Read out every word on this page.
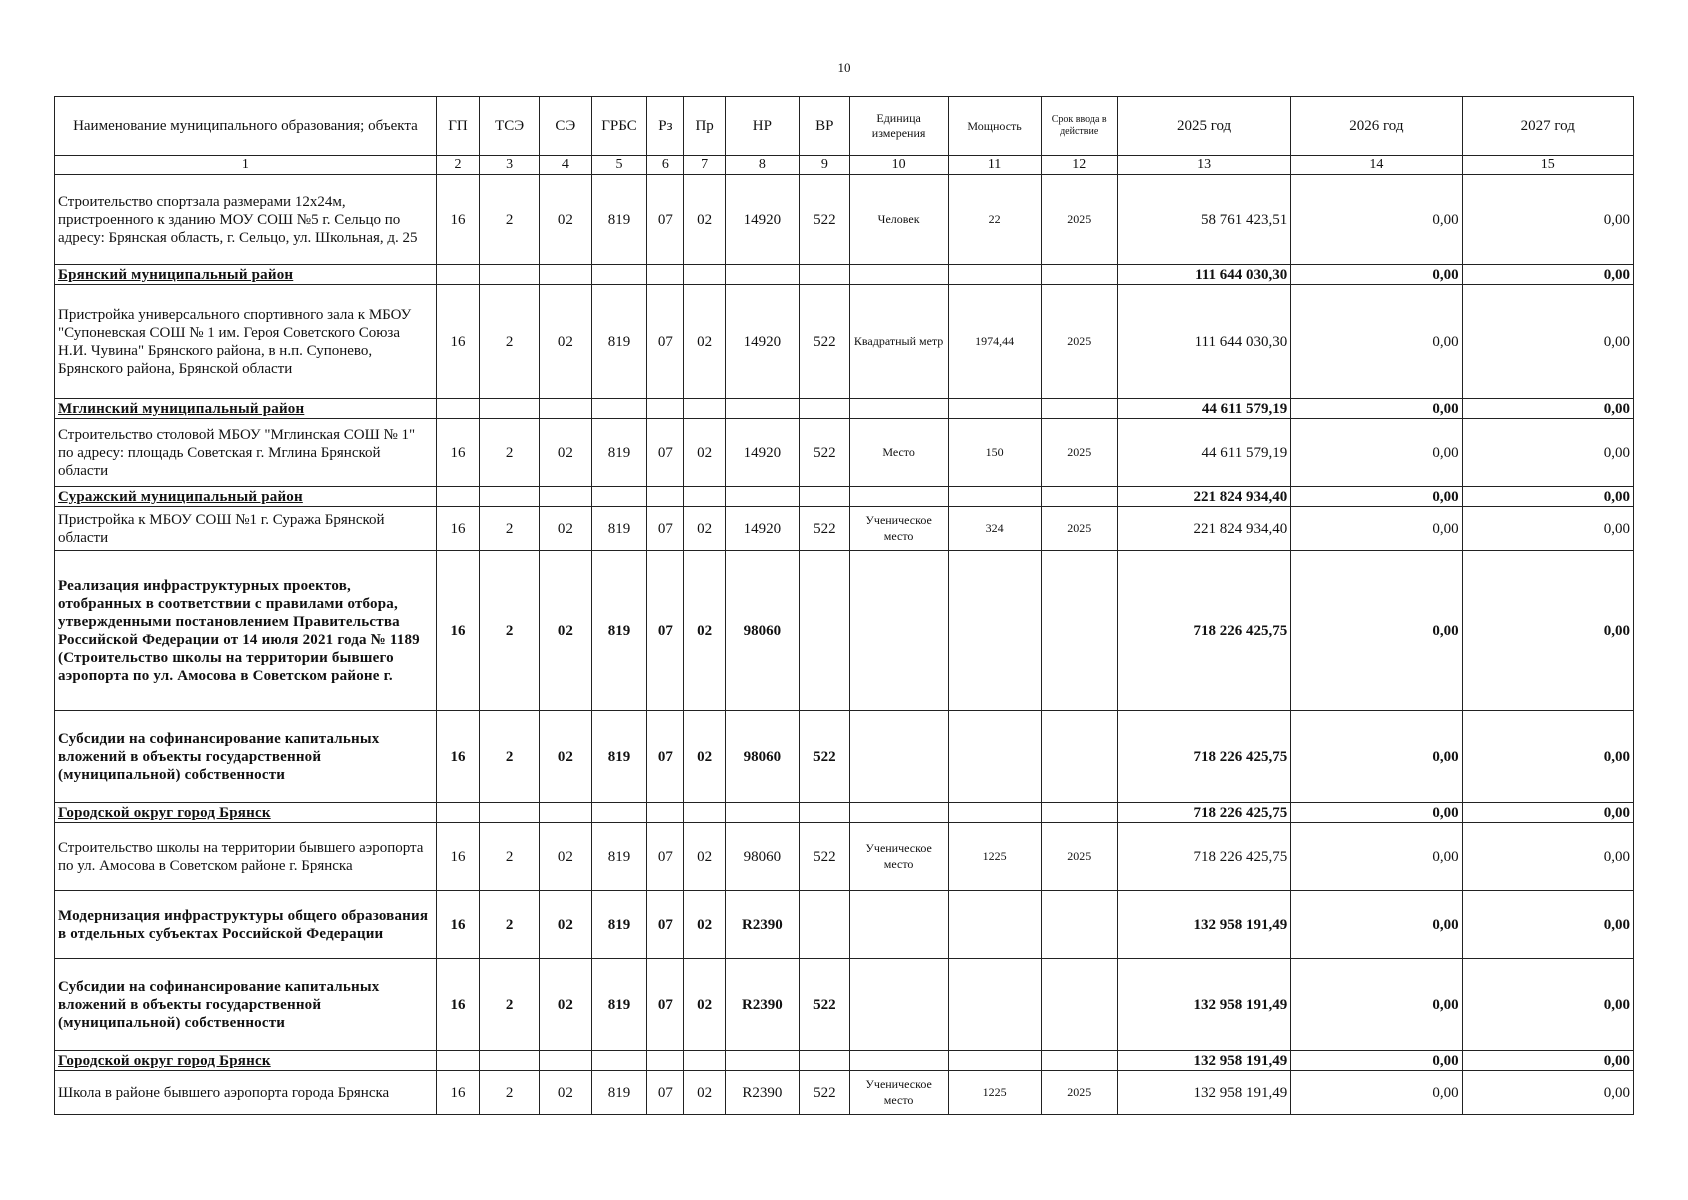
10
Наименование муниципального образования; объекта	ГП	ТСЭ	СЭ	ГРБС	Рз	Пр	НР	ВР	Единица измерения	Мощность	Срок ввода в действие	2025 год	2026 год	2027 год
1	2	3	4	5	6	7	8	9	10	11	12	13	14	15
Строительство спортзала размерами 12х24м, пристроенного к зданию МОУ СОШ №5 г. Сельцо по адресу: Брянская область, г. Сельцо, ул. Школьная, д. 25	16	2	02	819	07	02	14920	522	Человек	22	2025	58 761 423,51	0,00	0,00
Брянский муниципальный район												111 644 030,30	0,00	0,00
Пристройка универсального спортивного зала к МБОУ "Супоневская СОШ № 1 им. Героя Советского Союза Н.И. Чувина" Брянского района, в н.п. Супонево, Брянского района, Брянской области	16	2	02	819	07	02	14920	522	Квадратный метр	1974,44	2025	111 644 030,30	0,00	0,00
Мглинский муниципальный район												44 611 579,19	0,00	0,00
Строительство столовой МБОУ "Мглинская СОШ № 1" по адресу: площадь Советская г. Мглина Брянской области	16	2	02	819	07	02	14920	522	Место	150	2025	44 611 579,19	0,00	0,00
Суражский муниципальный район												221 824 934,40	0,00	0,00
Пристройка к МБОУ СОШ №1 г. Суража Брянской области	16	2	02	819	07	02	14920	522	Ученическое место	324	2025	221 824 934,40	0,00	0,00
Реализация инфраструктурных проектов, отобранных в соответствии с правилами отбора, утвержденными постановлением Правительства Российской Федерации от 14 июля 2021 года № 1189 (Строительство школы на территории бывшего аэропорта по ул. Амосова в Советском районе г.	16	2	02	819	07	02	98060					718 226 425,75	0,00	0,00
Субсидии на софинансирование капитальных вложений в объекты государственной (муниципальной) собственности	16	2	02	819	07	02	98060	522				718 226 425,75	0,00	0,00
Городской округ город Брянск												718 226 425,75	0,00	0,00
Строительство школы на территории бывшего аэропорта по ул. Амосова в Советском районе г. Брянска	16	2	02	819	07	02	98060	522	Ученическое место	1225	2025	718 226 425,75	0,00	0,00
Модернизация инфраструктуры общего образования в отдельных субъектах Российской Федерации	16	2	02	819	07	02	R2390					132 958 191,49	0,00	0,00
Субсидии на софинансирование капитальных вложений в объекты государственной (муниципальной) собственности	16	2	02	819	07	02	R2390	522				132 958 191,49	0,00	0,00
Городской округ город Брянск												132 958 191,49	0,00	0,00
Школа в районе бывшего аэропорта города Брянска	16	2	02	819	07	02	R2390	522	Ученическое место	1225	2025	132 958 191,49	0,00	0,00
